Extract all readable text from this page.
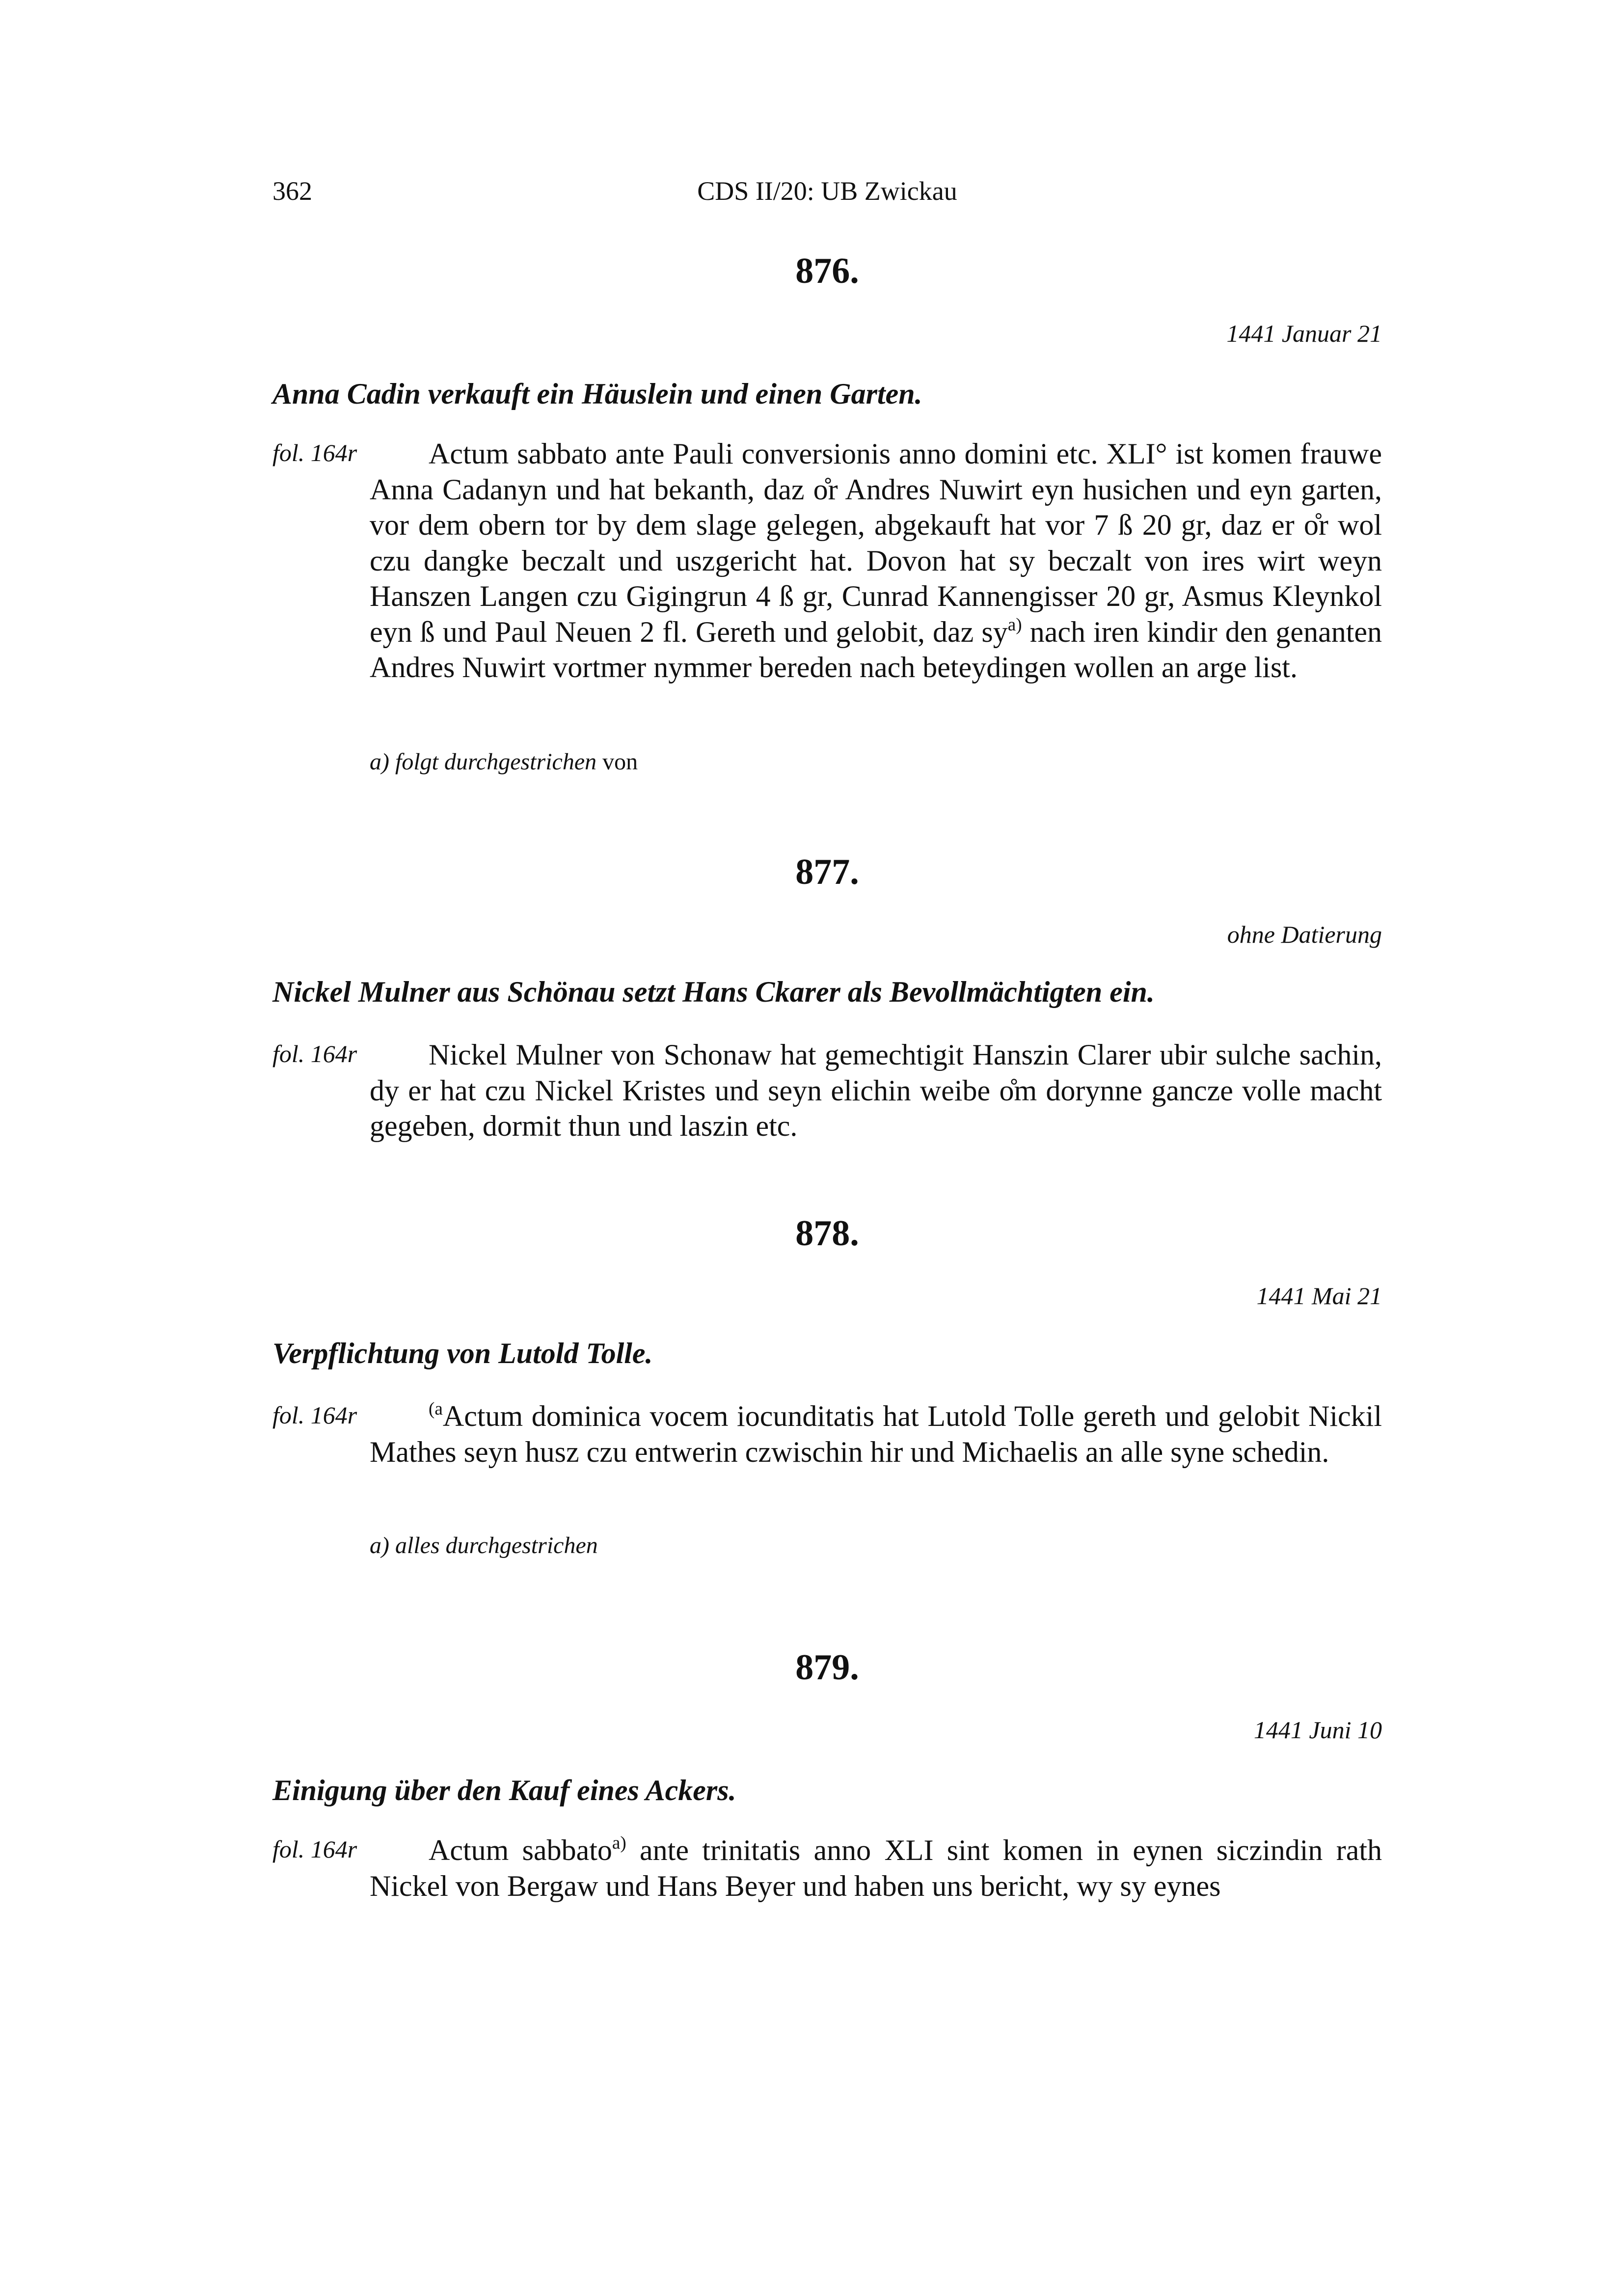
362	CDS II/20: UB Zwickau
876.
1441 Januar 21
Anna Cadin verkauft ein Häuslein und einen Garten.
fol. 164r	Actum sabbato ante Pauli conversionis anno domini etc. XLI° ist komen frauwe Anna Cadanyn und hat bekanth, daz o̊r Andres Nuwirt eyn husichen und eyn garten, vor dem obern tor by dem slage gelegen, abgekauft hat vor 7 ß 20 gr, daz er o̊r wol czu dangke beczalt und uszgericht hat. Dovon hat sy beczalt von ires wirt weyn Hanszen Langen czu Gigingrun 4 ß gr, Cunrad Kannengisser 20 gr, Asmus Kleynkol eyn ß und Paul Neuen 2 fl. Gereth und gelobit, daz $sy^{a)}$ nach iren kindir den genanten Andres Nuwirt vortmer nymmer bereden nach beteydingen wollen an arge list.

a) folgt durchgestrichen von
877.
ohne Datierung
Nickel Mulner aus Schönau setzt Hans Ckarer als Bevollmächtigten ein.
fol. 164r	Nickel Mulner von Schonaw hat gemechtigit Hanszin Clarer ubir sulche sachin, dy er hat czu Nickel Kristes und seyn elichin weibe o̊m dorynne gancze volle macht gegeben, dormit thun und laszin etc.

878.
1441 Mai 21
Verpflichtung von Lutold Tolle.
fol. 164r	$^{(a}$Actum dominica vocem iocunditatis hat Lutold Tolle gereth und gelobit Nickil Mathes seyn husz czu entwerin czwischin hir und Michaelis an alle syne schedin.

a) alles durchgestrichen
879.
1441 Juni 10
Einigung über den Kauf eines Ackers.
fol. 164r	Actum sabbato$^{a)}$ ante trinitatis anno XLI sint komen in eynen siczindin rath Nickel von Bergaw und Hans Beyer und haben uns bericht, wy sy eynes
